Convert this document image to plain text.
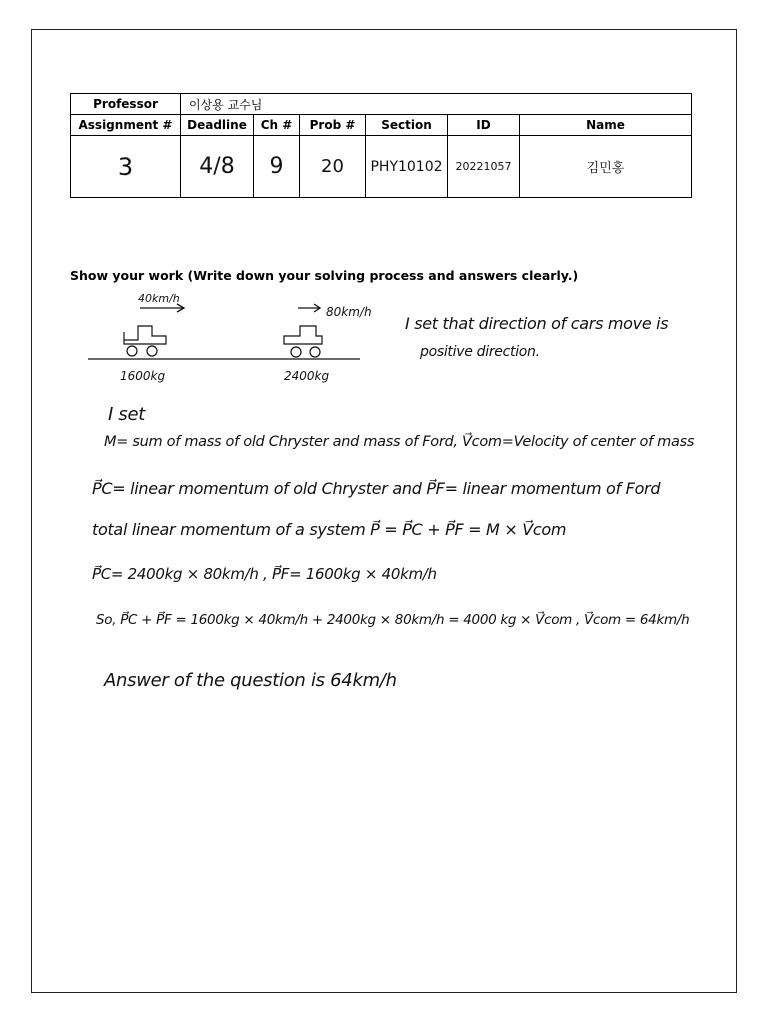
Professor	이상용 교수님					
Assignment #	Deadline	Ch #	Prob #	Section	ID	Name
3	4/8	9	20	PHY10102	20221057	김민홍
Show your work (Write down your solving process and answers clearly.)
40km/h
80km/h
1600kg	2400kg
I set that direction of cars move is
positive direction.
I set
M= sum of mass of old Chryster and mass of Ford, V⃗com=Velocity of center of mass
P⃗C= linear momentum of old Chryster and P⃗F= linear momentum of Ford
total linear momentum of a system P⃗ = P⃗C + P⃗F = M × V⃗com
P⃗C= 2400kg × 80km/h , P⃗F= 1600kg × 40km/h
So, P⃗C + P⃗F = 1600kg × 40km/h + 2400kg × 80km/h = 4000 kg × V⃗com , V⃗com = 64km/h
Answer of the question is 64km/h
